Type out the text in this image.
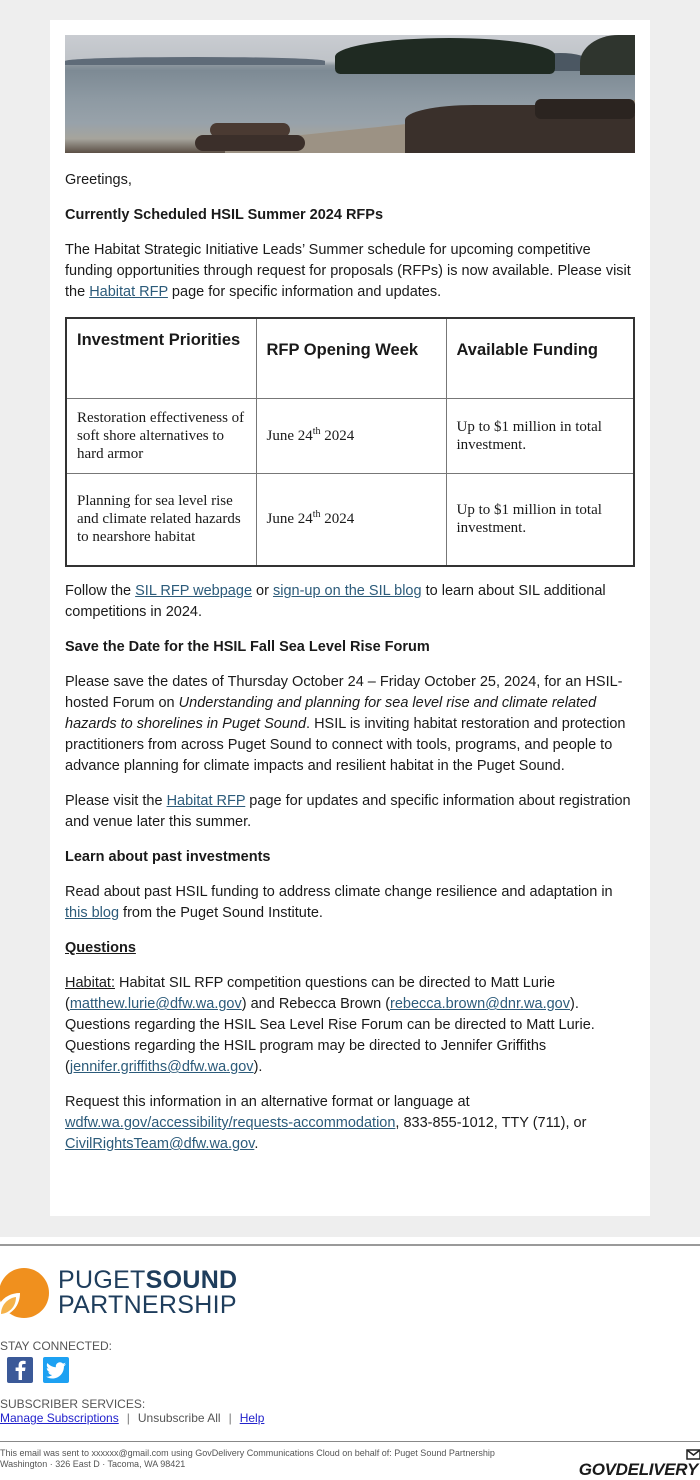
Greetings,

Currently Scheduled HSIL Summer 2024 RFPs

The Habitat Strategic Initiative Leads’ Summer schedule for upcoming competitive funding opportunities through request for proposals (RFPs) is now available. Please visit the Habitat RFP page for specific information and updates.

Investment Priorities	RFP Opening Week	Available Funding
Restoration effectiveness of soft shore alternatives to hard armor	June 24th 2024	Up to $1 million in total investment.
Planning for sea level rise and climate related hazards to nearshore habitat	June 24th 2024	Up to $1 million in total investment.

Follow the SIL RFP webpage or sign-up on the SIL blog to learn about SIL additional competitions in 2024.

Save the Date for the HSIL Fall Sea Level Rise Forum

Please save the dates of Thursday October 24 – Friday October 25, 2024, for an HSIL-hosted Forum on Understanding and planning for sea level rise and climate related hazards to shorelines in Puget Sound. HSIL is inviting habitat restoration and protection practitioners from across Puget Sound to connect with tools, programs, and people to advance planning for climate impacts and resilient habitat in the Puget Sound.

Please visit the Habitat RFP page for updates and specific information about registration and venue later this summer.

Learn about past investments

Read about past HSIL funding to address climate change resilience and adaptation in this blog from the Puget Sound Institute.

Questions

Habitat: Habitat SIL RFP competition questions can be directed to Matt Lurie (matthew.lurie@dfw.wa.gov) and Rebecca Brown (rebecca.brown@dnr.wa.gov). Questions regarding the HSIL Sea Level Rise Forum can be directed to Matt Lurie. Questions regarding the HSIL program may be directed to Jennifer Griffiths (jennifer.griffiths@dfw.wa.gov).

Request this information in an alternative format or language at wdfw.wa.gov/accessibility/requests-accommodation, 833-855-1012, TTY (711), or CivilRightsTeam@dfw.wa.gov.

PUGETSOUND
PARTNERSHIP
STAY CONNECTED:
SUBSCRIBER SERVICES:
Manage Subscriptions | Unsubscribe All | Help
This email was sent to xxxxxx@gmail.com using GovDelivery Communications Cloud on behalf of: Puget Sound Partnership
Washington · 326 East D · Tacoma, WA 98421	GOVDELIVERY
